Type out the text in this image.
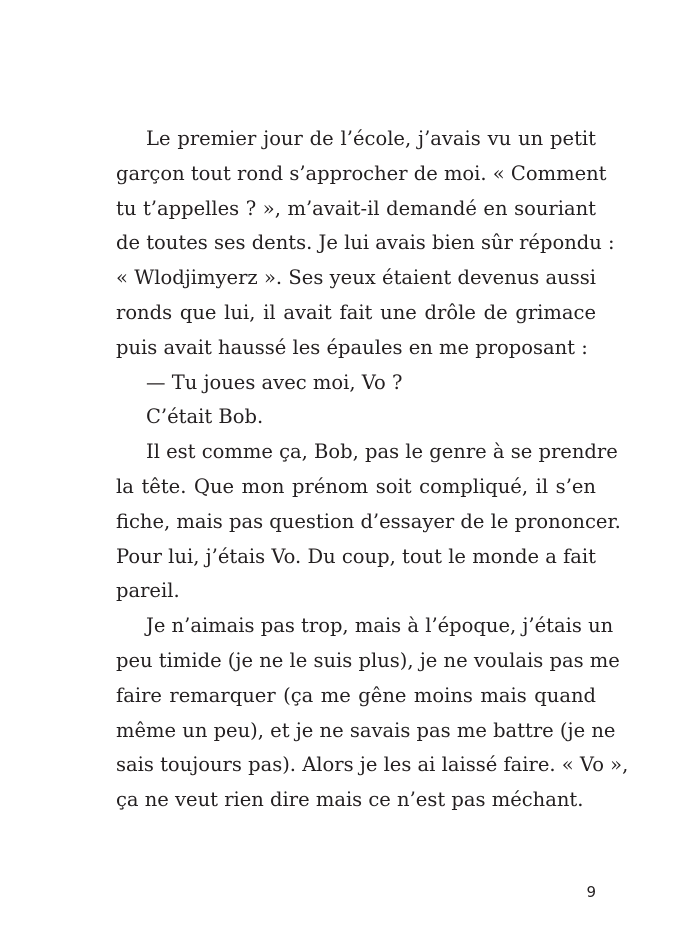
Le premier jour de l’école, j’avais vu un petit
garçon tout rond s’approcher de moi. « Comment
tu t’appelles ? », m’avait-il demandé en souriant
de toutes ses dents. Je lui avais bien sûr répondu :
« Wlodjimyerz ». Ses yeux étaient devenus aussi
ronds que lui, il avait fait une drôle de grimace
puis avait haussé les épaules en me proposant :
— Tu joues avec moi, Vo ?
C’était Bob.
Il est comme ça, Bob, pas le genre à se prendre
la tête. Que mon prénom soit compliqué, il s’en
fiche, mais pas question d’essayer de le prononcer.
Pour lui, j’étais Vo. Du coup, tout le monde a fait
pareil.
Je n’aimais pas trop, mais à l’époque, j’étais un
peu timide (je ne le suis plus), je ne voulais pas me
faire remarquer (ça me gêne moins mais quand
même un peu), et je ne savais pas me battre (je ne
sais toujours pas). Alors je les ai laissé faire. « Vo »,
ça ne veut rien dire mais ce n’est pas méchant.
9
